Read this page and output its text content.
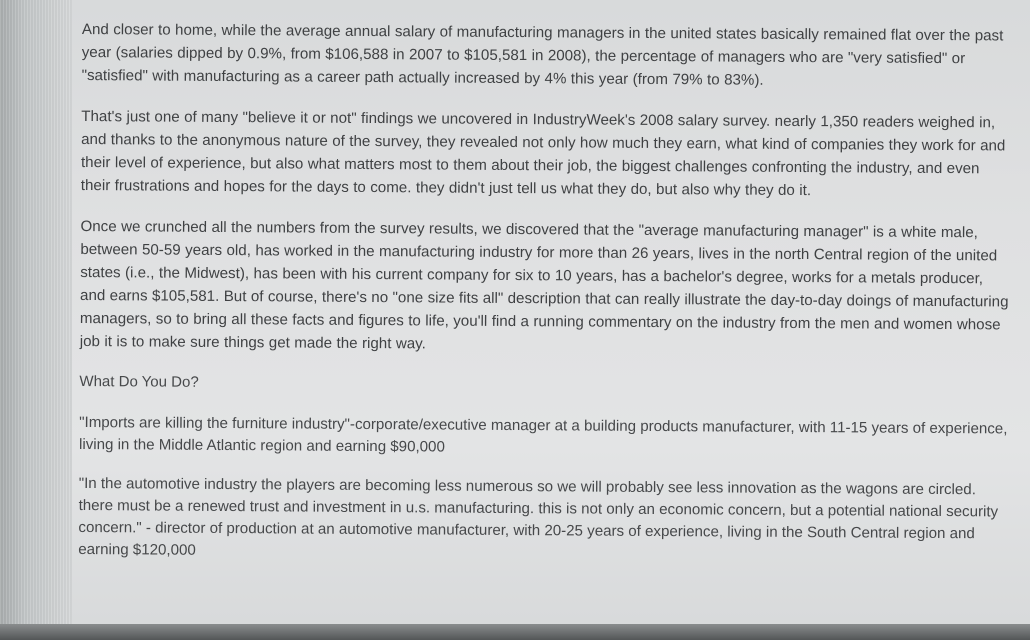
And closer to home, while the average annual salary of manufacturing managers in the united states basically remained flat over the past year (salaries dipped by 0.9%, from $106,588 in 2007 to $105,581 in 2008), the percentage of managers who are "very satisfied" or "satisfied" with manufacturing as a career path actually increased by 4% this year (from 79% to 83%).

That's just one of many "believe it or not" findings we uncovered in IndustryWeek's 2008 salary survey. nearly 1,350 readers weighed in, and thanks to the anonymous nature of the survey, they revealed not only how much they earn, what kind of companies they work for and their level of experience, but also what matters most to them about their job, the biggest challenges confronting the industry, and even their frustrations and hopes for the days to come. they didn't just tell us what they do, but also why they do it.

Once we crunched all the numbers from the survey results, we discovered that the "average manufacturing manager" is a white male, between 50-59 years old, has worked in the manufacturing industry for more than 26 years, lives in the north Central region of the united states (i.e., the Midwest), has been with his current company for six to 10 years, has a bachelor's degree, works for a metals producer, and earns $105,581. But of course, there's no "one size fits all" description that can really illustrate the day-to-day doings of manufacturing managers, so to bring all these facts and figures to life, you'll find a running commentary on the industry from the men and women whose job it is to make sure things get made the right way.

What Do You Do?

"Imports are killing the furniture industry"-corporate/executive manager at a building products manufacturer, with 11-15 years of experience, living in the Middle Atlantic region and earning $90,000

"In the automotive industry the players are becoming less numerous so we will probably see less innovation as the wagons are circled. there must be a renewed trust and investment in u.s. manufacturing. this is not only an economic concern, but a potential national security concern." - director of production at an automotive manufacturer, with 20-25 years of experience, living in the South Central region and earning $120,000
